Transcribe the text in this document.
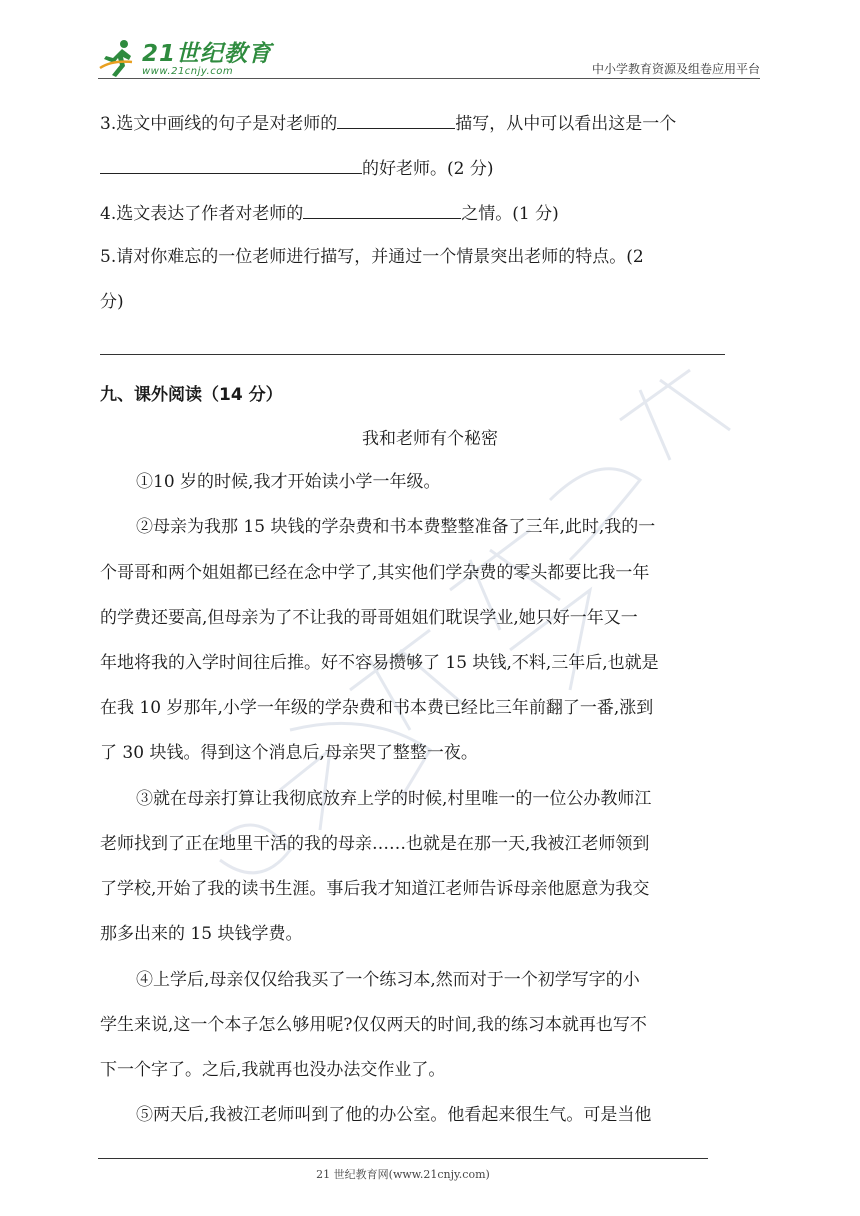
21世纪教育
www.21cnjy.com	中小学教育资源及组卷应用平台
3.选文中画线的句子是对老师的	描写，从中可以看出这是一个
的好老师。(2 分)
4.选文表达了作者对老师的	之情。(1 分)
5.请对你难忘的一位老师进行描写，并通过一个情景突出老师的特点。(2
分)
九、课外阅读（14 分）
我和老师有个秘密
①10 岁的时候,我才开始读小学一年级。
②母亲为我那 15 块钱的学杂费和书本费整整准备了三年,此时,我的一
个哥哥和两个姐姐都已经在念中学了,其实他们学杂费的零头都要比我一年
的学费还要高,但母亲为了不让我的哥哥姐姐们耽误学业,她只好一年又一
年地将我的入学时间往后推。好不容易攒够了 15 块钱,不料,三年后,也就是
在我 10 岁那年,小学一年级的学杂费和书本费已经比三年前翻了一番,涨到
了 30 块钱。得到这个消息后,母亲哭了整整一夜。
③就在母亲打算让我彻底放弃上学的时候,村里唯一的一位公办教师江
老师找到了正在地里干活的我的母亲……也就是在那一天,我被江老师领到
了学校,开始了我的读书生涯。事后我才知道江老师告诉母亲他愿意为我交
那多出来的 15 块钱学费。
④上学后,母亲仅仅给我买了一个练习本,然而对于一个初学写字的小
学生来说,这一个本子怎么够用呢?仅仅两天的时间,我的练习本就再也写不
下一个字了。之后,我就再也没办法交作业了。
⑤两天后,我被江老师叫到了他的办公室。他看起来很生气。可是当他
21 世纪教育网(www.21cnjy.com)
